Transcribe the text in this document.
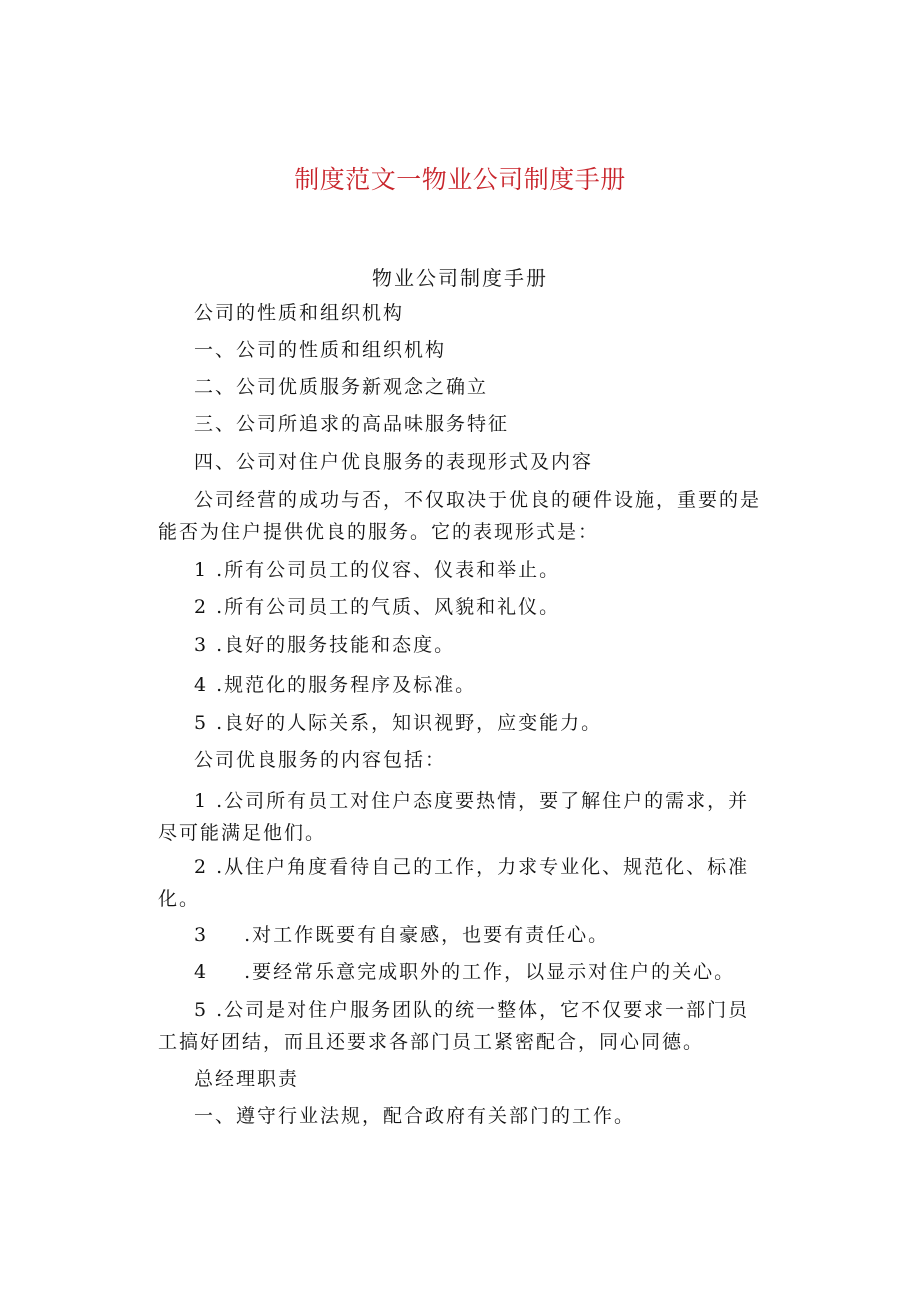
制度范文一物业公司制度手册
物业公司制度手册
公司的性质和组织机构
一、公司的性质和组织机构
二、公司优质服务新观念之确立
三、公司所追求的高品味服务特征
四、公司对住户优良服务的表现形式及内容
公司经营的成功与否，不仅取决于优良的硬件设施，重要的是能否为住户提供优良的服务。它的表现形式是：
1 .所有公司员工的仪容、仪表和举止。
2 .所有公司员工的气质、风貌和礼仪。
3 .良好的服务技能和态度。
4 .规范化的服务程序及标准。
5 .良好的人际关系，知识视野，应变能力。
公司优良服务的内容包括：
1 .公司所有员工对住户态度要热情，要了解住户的需求，并尽可能满足他们。
2 .从住户角度看待自己的工作，力求专业化、规范化、标准化。
3 .对工作既要有自豪感，也要有责任心。
4 .要经常乐意完成职外的工作，以显示对住户的关心。
5 .公司是对住户服务团队的统一整体，它不仅要求一部门员工搞好团结，而且还要求各部门员工紧密配合，同心同德。
总经理职责
一、遵守行业法规，配合政府有关部门的工作。
